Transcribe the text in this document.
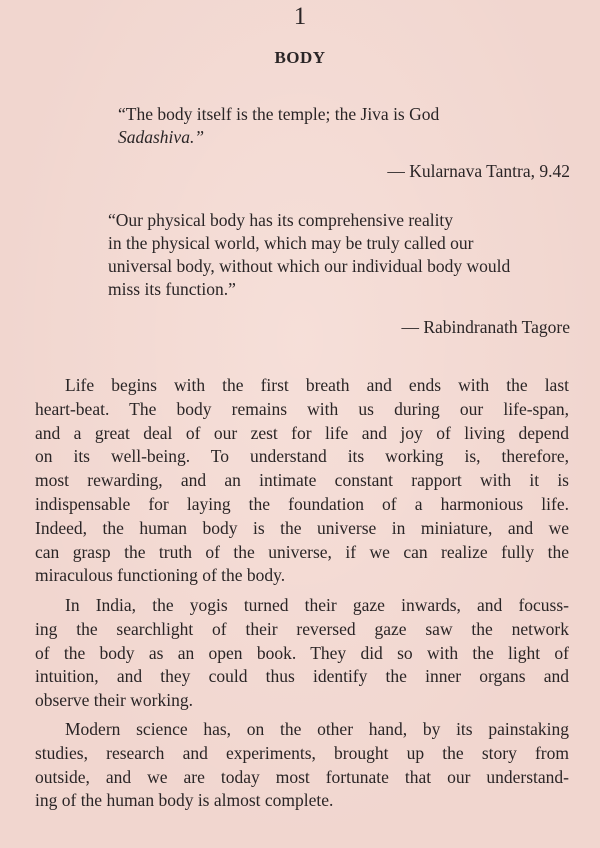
1
BODY
“The body itself is the temple; the Jiva is God
Sadashiva.”
— Kularnava Tantra, 9.42
“Our physical body has its comprehensive reality
in the physical world, which may be truly called our
universal body, without which our individual body would
miss its function.”
— Rabindranath Tagore
Life begins with the first breath and ends with the last
heart-beat. The body remains with us during our life-span,
and a great deal of our zest for life and joy of living depend
on its well-being. To understand its working is, therefore,
most rewarding, and an intimate constant rapport with it is
indispensable for laying the foundation of a harmonious life.
Indeed, the human body is the universe in miniature, and we
can grasp the truth of the universe, if we can realize fully the
miraculous functioning of the body.
In India, the yogis turned their gaze inwards, and focuss-
ing the searchlight of their reversed gaze saw the network
of the body as an open book. They did so with the light of
intuition, and they could thus identify the inner organs and
observe their working.
Modern science has, on the other hand, by its painstaking
studies, research and experiments, brought up the story from
outside, and we are today most fortunate that our understand-
ing of the human body is almost complete.
